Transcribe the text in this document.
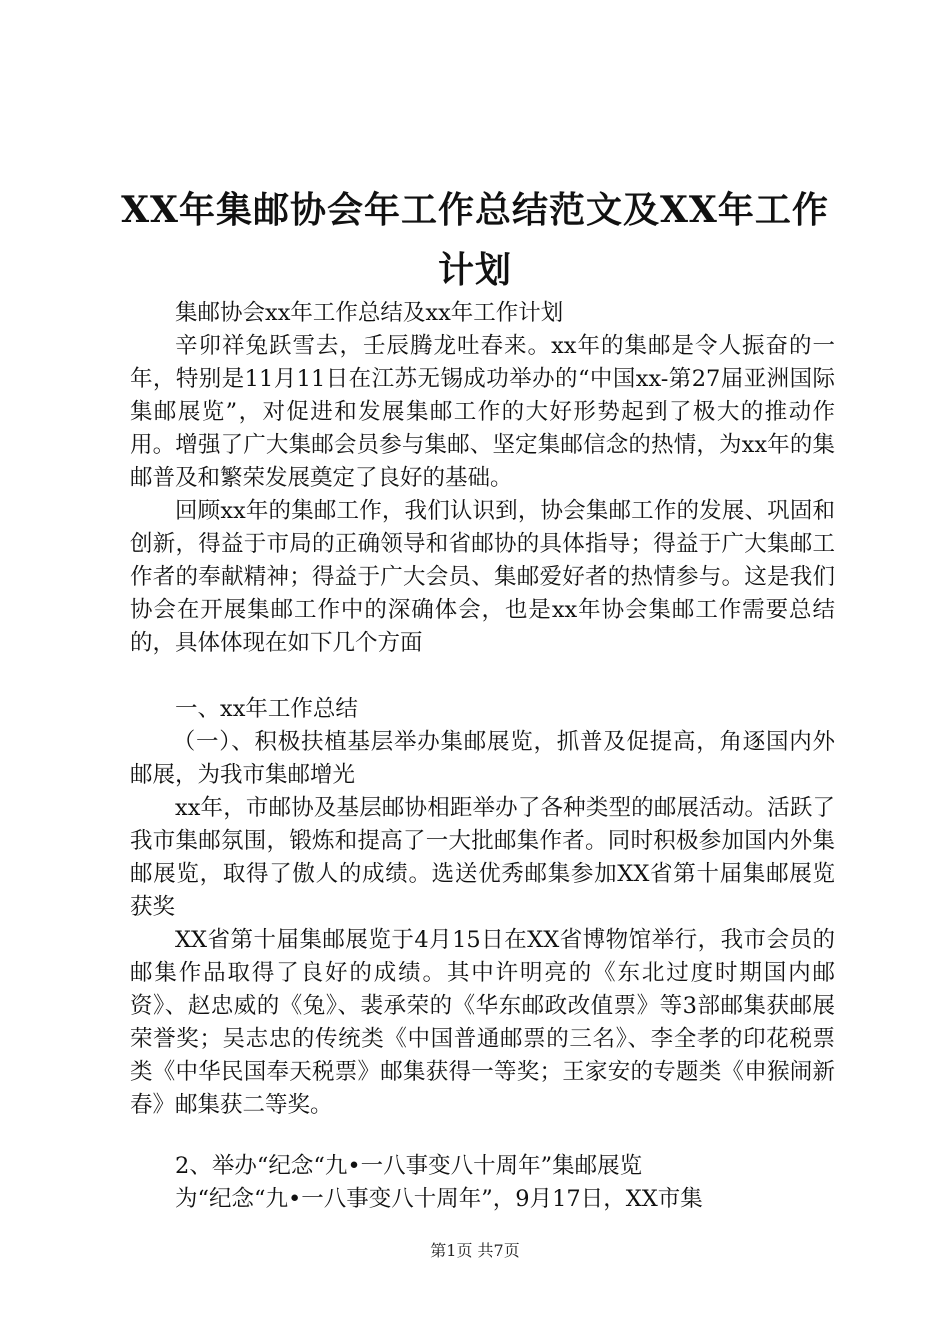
XX年集邮协会年工作总结范文及XX年工作计划

集邮协会xx年工作总结及xx年工作计划

辛卯祥兔跃雪去，壬辰腾龙吐春来。xx年的集邮是令人振奋的一年，特别是11月11日在江苏无锡成功举办的“中国xx-第27届亚洲国际集邮展览”，对促进和发展集邮工作的大好形势起到了极大的推动作用。增强了广大集邮会员参与集邮、坚定集邮信念的热情，为xx年的集邮普及和繁荣发展奠定了良好的基础。

回顾xx年的集邮工作，我们认识到，协会集邮工作的发展、巩固和创新，得益于市局的正确领导和省邮协的具体指导；得益于广大集邮工作者的奉献精神；得益于广大会员、集邮爱好者的热情参与。这是我们协会在开展集邮工作中的深确体会，也是xx年协会集邮工作需要总结的，具体体现在如下几个方面

一、xx年工作总结

（一）、积极扶植基层举办集邮展览，抓普及促提高，角逐国内外邮展，为我市集邮增光

xx年，市邮协及基层邮协相距举办了各种类型的邮展活动。活跃了我市集邮氛围，锻炼和提高了一大批邮集作者。同时积极参加国内外集邮展览，取得了傲人的成绩。选送优秀邮集参加XX省第十届集邮展览获奖

XX省第十届集邮展览于4月15日在XX省博物馆举行，我市会员的邮集作品取得了良好的成绩。其中许明亮的《东北过度时期国内邮资》、赵忠威的《兔》、裴承荣的《华东邮政改值票》等3部邮集获邮展荣誉奖；吴志忠的传统类《中国普通邮票的三名》、李全孝的印花税票类《中华民国奉天税票》邮集获得一等奖；王家安的专题类《申猴闹新春》邮集获二等奖。

2、举办“纪念“九•一八事变八十周年”集邮展览

为“纪念“九•一八事变八十周年”，9月17日，XX市集

第1页 共7页
